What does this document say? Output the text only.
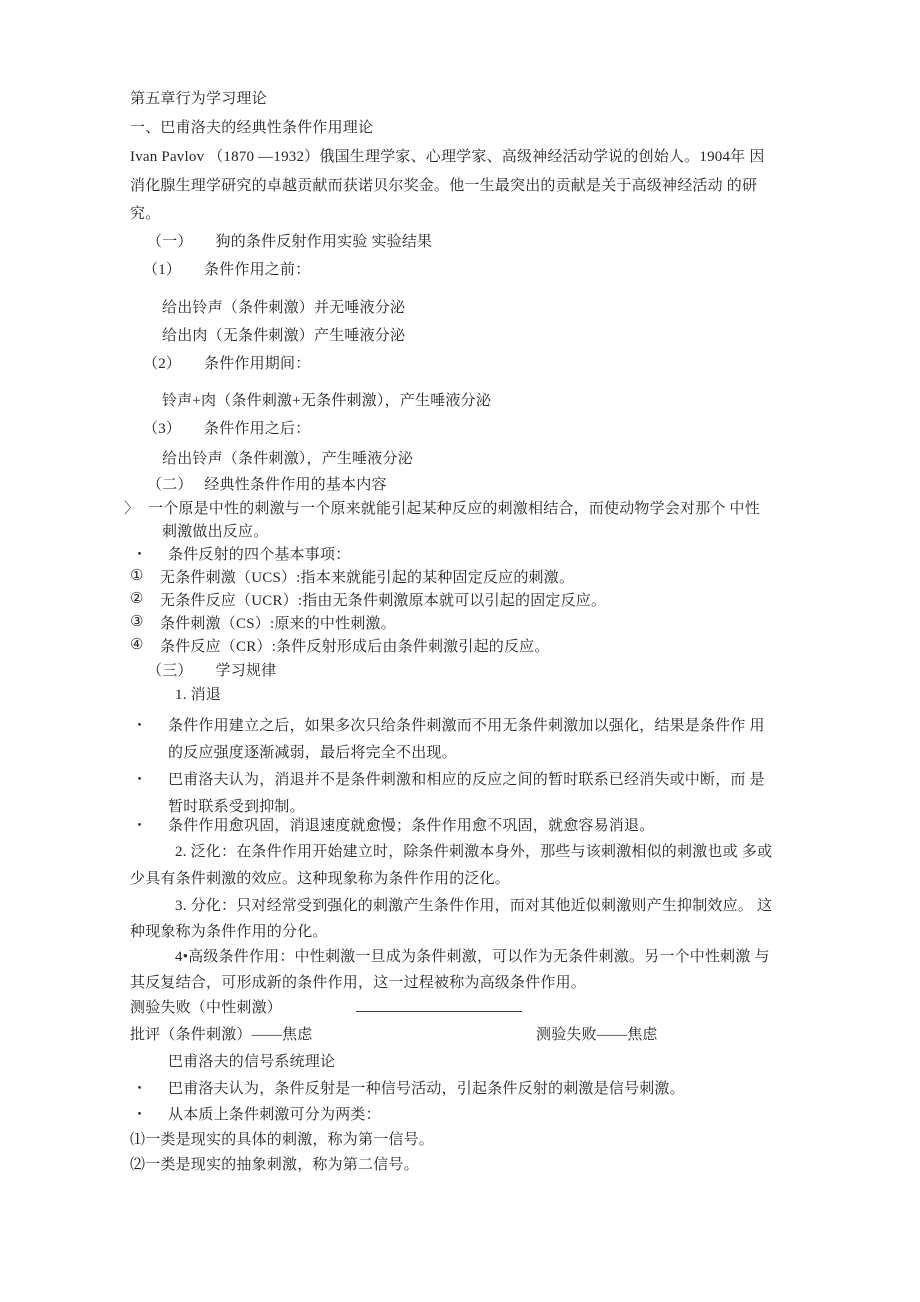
第五章行为学习理论
一、巴甫洛夫的经典性条件作用理论
Ivan Pavlov （1870 —1932）俄国生理学家、心理学家、高级神经活动学说的创始人。1904年 因
消化腺生理学研究的卓越贡献而获诺贝尔奖金。他一生最突出的贡献是关于高级神经活动 的研
究。
（一）　　狗的条件反射作用实验 实验结果
（1）　　条件作用之前：
给出铃声（条件刺激）并无唾液分泌
给出肉（无条件刺激）产生唾液分泌
（2）　　条件作用期间：
铃声+肉（条件刺激+无条件刺激），产生唾液分泌
（3）　　条件作用之后：
给出铃声（条件刺激），产生唾液分泌
（二）　 经典性条件作用的基本内容
〉 一个原是中性的刺激与一个原来就能引起某种反应的刺激相结合，而使动物学会对那个 中性
刺激做出反应。
・ 条件反射的四个基本事项：
① 无条件刺激（UCS）:指本来就能引起的某种固定反应的刺激。
② 无条件反应（UCR）:指由无条件刺激原本就可以引起的固定反应。
③ 条件刺激（CS）:原来的中性刺激。
④ 条件反应（CR）:条件反射形成后由条件刺激引起的反应。
（三）　　学习规律
1. 消退
・ 条件作用建立之后，如果多次只给条件刺激而不用无条件刺激加以强化，结果是条件作 用
的反应强度逐渐减弱，最后将完全不出现。
・ 巴甫洛夫认为，消退并不是条件刺激和相应的反应之间的暂时联系已经消失或中断，而 是
暂时联系受到抑制。
・ 条件作用愈巩固，消退速度就愈慢；条件作用愈不巩固，就愈容易消退。
2. 泛化：在条件作用开始建立时，除条件刺激本身外，那些与该刺激相似的刺激也或 多或
少具有条件刺激的效应。这种现象称为条件作用的泛化。
3. 分化：只对经常受到强化的刺激产生条件作用，而对其他近似刺激则产生抑制效应。 这
种现象称为条件作用的分化。
4•高级条件作用：中性刺激一旦成为条件刺激，可以作为无条件刺激。另一个中性刺激 与
其反复结合，可形成新的条件作用，这一过程被称为高级条件作用。
测验失败（中性刺激）
批评（条件刺激）——焦虑	测验失败——焦虑
巴甫洛夫的信号系统理论
・ 巴甫洛夫认为，条件反射是一种信号活动，引起条件反射的刺激是信号刺激。
・ 从本质上条件刺激可分为两类：
⑴一类是现实的具体的刺激，称为第一信号。
⑵一类是现实的抽象刺激，称为第二信号。
